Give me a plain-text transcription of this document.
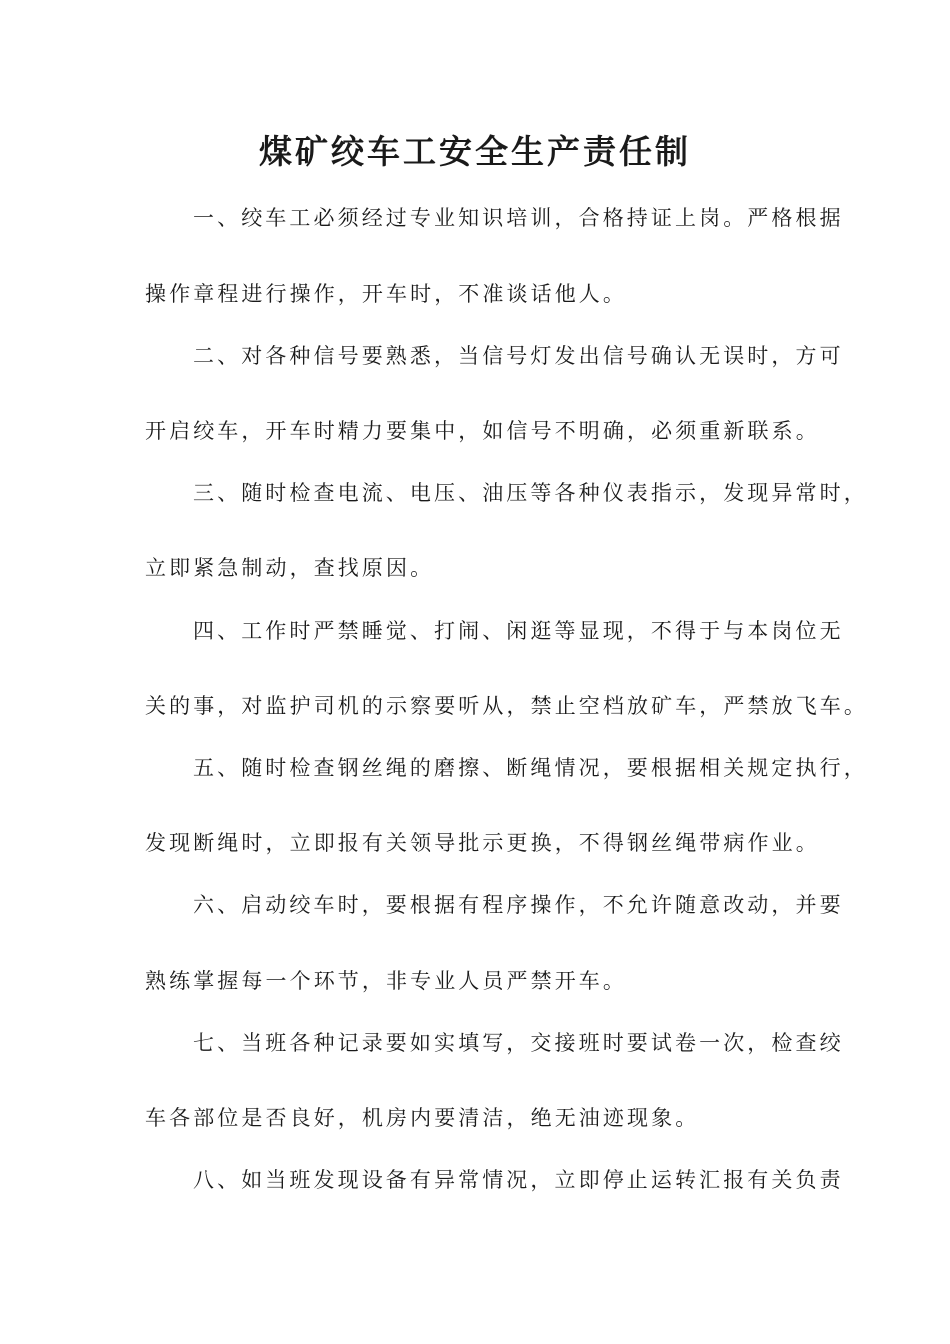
煤矿绞车工安全生产责任制
一、绞车工必须经过专业知识培训，合格持证上岗。严格根据
操作章程进行操作，开车时，不准谈话他人。
二、对各种信号要熟悉，当信号灯发出信号确认无误时，方可
开启绞车，开车时精力要集中，如信号不明确，必须重新联系。
三、随时检查电流、电压、油压等各种仪表指示，发现异常时，
立即紧急制动，查找原因。
四、工作时严禁睡觉、打闹、闲逛等显现，不得于与本岗位无
关的事，对监护司机的示察要听从，禁止空档放矿车，严禁放飞车。
五、随时检查钢丝绳的磨擦、断绳情况，要根据相关规定执行，
发现断绳时，立即报有关领导批示更换，不得钢丝绳带病作业。
六、启动绞车时，要根据有程序操作，不允许随意改动，并要
熟练掌握每一个环节，非专业人员严禁开车。
七、当班各种记录要如实填写，交接班时要试卷一次，检查绞
车各部位是否良好，机房内要清洁，绝无油迹现象。
八、如当班发现设备有异常情况，立即停止运转汇报有关负责
